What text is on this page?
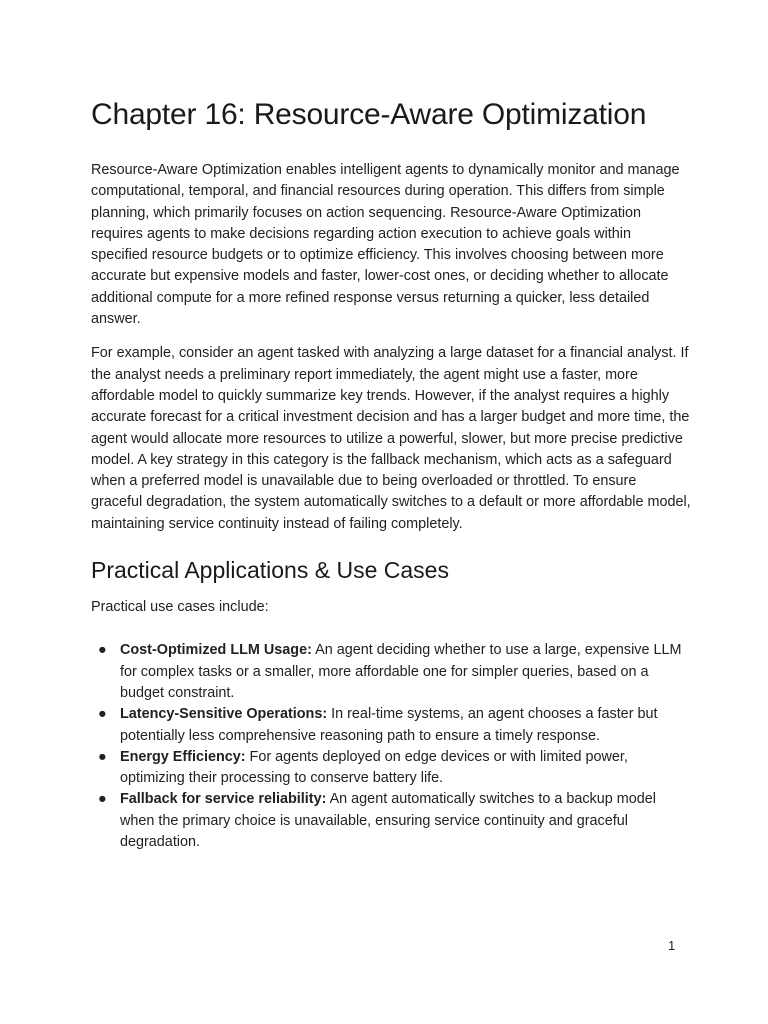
Chapter 16: Resource-Aware Optimization

Resource-Aware Optimization enables intelligent agents to dynamically monitor and manage computational, temporal, and financial resources during operation. This differs from simple planning, which primarily focuses on action sequencing. Resource-Aware Optimization requires agents to make decisions regarding action execution to achieve goals within specified resource budgets or to optimize efficiency. This involves choosing between more accurate but expensive models and faster, lower-cost ones, or deciding whether to allocate additional compute for a more refined response versus returning a quicker, less detailed answer.

For example, consider an agent tasked with analyzing a large dataset for a financial analyst. If the analyst needs a preliminary report immediately, the agent might use a faster, more affordable model to quickly summarize key trends. However, if the analyst requires a highly accurate forecast for a critical investment decision and has a larger budget and more time, the agent would allocate more resources to utilize a powerful, slower, but more precise predictive model. A key strategy in this category is the fallback mechanism, which acts as a safeguard when a preferred model is unavailable due to being overloaded or throttled. To ensure graceful degradation, the system automatically switches to a default or more affordable model, maintaining service continuity instead of failing completely.

Practical Applications & Use Cases

Practical use cases include:

● Cost-Optimized LLM Usage: An agent deciding whether to use a large, expensive LLM for complex tasks or a smaller, more affordable one for simpler queries, based on a budget constraint.
● Latency-Sensitive Operations: In real-time systems, an agent chooses a faster but potentially less comprehensive reasoning path to ensure a timely response.
● Energy Efficiency: For agents deployed on edge devices or with limited power, optimizing their processing to conserve battery life.
● Fallback for service reliability: An agent automatically switches to a backup model when the primary choice is unavailable, ensuring service continuity and graceful degradation.
1
